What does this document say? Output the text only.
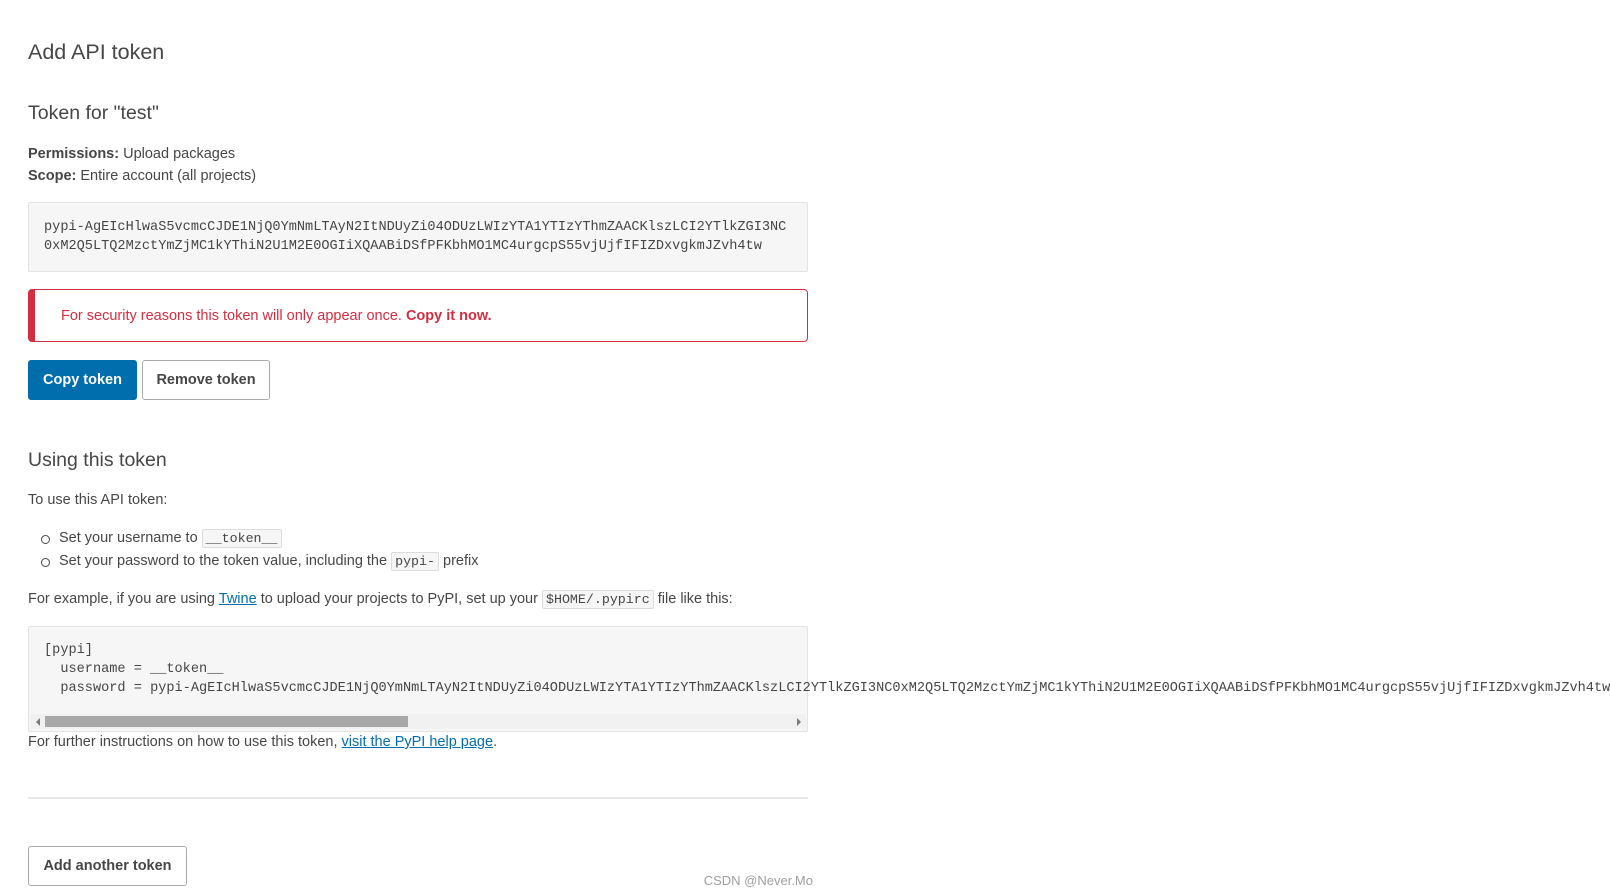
Add API token
Token for "test"

Permissions: Upload packages

Scope: Entire account (all projects)

pypi-AgEIcHlwaS5vcmcCJDE1NjQ0YmNmLTAyN2ItNDUyZi04ODUzLWIzYTA1YTIzYThmZAACKlszLCI2YTlkZGI3NC0xM2Q5LTQ2MzctYmZjMC1kYThiN2U1M2E0OGIiXQAABiDSfPFKbhMO1MC4urgcpS55vjUjfIFIZDxvgkmJZvh4tw
For security reasons this token will only appear once. Copy it now.
Copy token	Remove token
Using this token

To use this API token:

Set your username to __token__
Set your password to the token value, including the pypi- prefix

For example, if you are using Twine to upload your projects to PyPI, set up your $HOME/.pypirc file like this:

[pypi]
username = __token__
password = pypi-AgEIcHlwaS5vcmcCJDE1NjQ0YmNmLTAyN2ItNDUyZi04ODUzLWIzYTA1YTIzYThmZAACKlszLCI2YTlkZGI3NC0xM2Q5LTQ2MzctYmZjMC1kYThiN2U1M2E0OGIiXQAABiDSfPFKbhMO1MC4urgcpS55vjUjfIFIZDxvgkmJZvh4tw

For further instructions on how to use this token, visit the PyPI help page.

Add another token
CSDN @Never.Mo
